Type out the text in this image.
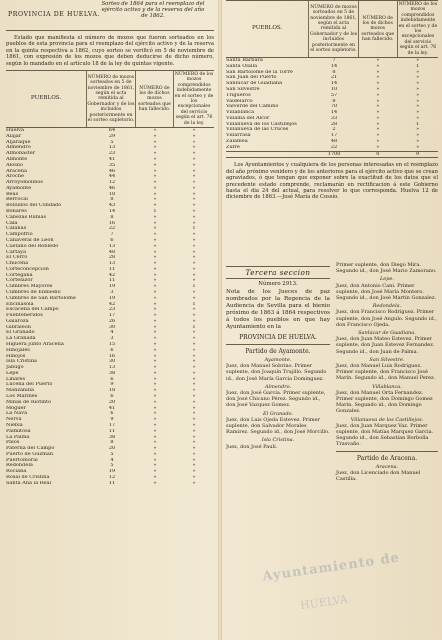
PROVINCIA DE HUELVA.
Sorteo de 1864 para el reemplazo del ejército activo y de la reserva del año de 1862.
Estado que manifiesta el número de mozos que fueron sorteados en los pueblos de esta provincia para el reemplazo del ejército activo y de la reserva en la quinta respectiva a 1862, cuyo sorteo se verificó en 5 de noviembre de 1861, con expresión de los mozos que deben deducirse de dicho número, según lo mandado en el artículo 18 de la ley de quintas vigente.
PUEBLOS.	NÚMERO de mozos sorteados en 5 de noviembre de 1861, según el acta remitida al Gobernador y de los incluidos posteriormente en el sorteo supletorio.	NÚMERO de los de dichos mozos sorteados que han fallecido.	NÚMERO de los mozos comprendidos indebidamente en el sorteo y de los excepcionales del servicio según el art. 76 de la ley.
Huelva	64	»	»
Alajar	29	»	»
Aljaraque	5	»	»
Almendro	13	»	»
Almonaster	23	»	»
Almonte	41	»	»
Alosno	35	»	»
Aracena	46	»	»
Aroche	44	»	»
Arroyomolinos	12	»	»
Ayamonte	46	»	»
Beas	18	»	»
Berrocal	8	»	»
Bollullos del Condado	43	»	»
Bonares	14	1	»
Cabezas Rubias	8	»	»
Cala	16	»	»
Calañas	22	»	1
Campofrio	7	»	»
Cañaveral de Leon	6	»	»
Castaño del Robledo	13	»	»
Cartaya	48	»	»
El Cerro	28	»	»
Chucena	13	»	»
Corteconcepcion	11	»	»
Cortegana	42	»	»
Cortelazor	11	»	»
Cumbres Mayores	19	»	1
Cumbres de Enmedio	3	»	»
Cumbres de San Bartolomé	19	»	»
Encinasola	42	»	1
Escacena del Campo	23	»	»
Fuenteheridos	17	»	»
Galaroza	26	»	»
Gibraleon	30	»	1
El Granado	4	»	»
La Granada	3	»	»
Higuera junto Aracena	15	»	»
Hinojales	6	»	»
Hinojos	16	»	»
Isla Cristina	30	»	»
Jabugo	13	»	»
Lepe	38	»	»
Linares	6	»	»
Lucena del Puerto	9	»	»
Manzanilla	18	»	»
Los Marines	6	»	»
Minas de Riotinto	20	»	»
Moguer	41	»	»
La Nava	6	»	»
Nerva	9	»	»
Niebla	17	»	»
Palmitosa	11	»	»
La Palma	38	»	»
Palos	8	»	»
Paterna del Campo	20	»	»
Puerto de Guzman	5	»	»
Puertomoral	4	»	»
Redondela	5	»	»
Rociana	19	»	»
Rosal de Cristina	12	»	»
Santa Ana la Real	11	»	»
PUEBLOS.	NÚMERO de mozos sorteados en 5 de noviembre de 1861, según el acta remitida al Gobernador y de los incluidos posteriormente en el sorteo supletorio.	NÚMERO de los de dichos mozos sorteados que han fallecido.	NÚMERO de los mozos comprendidos indebidamente en el sorteo y de los excepcionales del servicio según el art. 76 de la ley.
Santa Barbara	7	»	»
Santa Olalla	14	»	1
San Bartolomé de la Torre	8	»	»
San Juan del Puerto	21	»	»
Sanlúcar de Guadiana	14	»	»
San Silvestre	10	»	»
Trigueros	57	»	»
Valdelarco	8	»	»
Valverde del Camino	70	»	»
Villablanca	14	»	»
Villalba del Alcor	33	»	»
Villanueva de los Castillejos	28	»	1
Villanueva de las Cruces	2	»	»
Villarrasa	17	»	»
Zalamea	48	»	»
Zufre	22	»	»
	1700	0	9
Los Ayuntamientos y cualquiera de los personas interesadas en el reemplazo del año próximo venidero y de los anteriores para el ejército activo que se crean agraviados, ó que tengan que exponer sobre la exactitud de los datos que el precedente estado comprende, reclamarán en rectificacion á este Gobierno hasta el dia 24 del actual, para resolver lo que corresponda. Huelva 12 de diciembre de 1863.—José María de Cossío.
Tercera seccion
Número 2913.
Nota de los Jueces de paz nombrados por la Regencia de la Audiencia de Sevilla para el bienio próximo de 1863 á 1864 respectivos á todos los pueblos en que hay Ayuntamiento en la
PROVINCIA DE HUELVA.
Partido de Ayamonte.
Ayamonte.
Juez, don Manuel Sobrino. Primer suplente, don Joaquín Trujillo. Segundo id., don José María Garcia Dominguez.
Almendro.
Juez, don José García. Primer suplente, don José Chicano Pérez. Segundo id., don José Vazquez Gomez.
El Granado.
Juez, don Luis Ojeda Estevez. Primer suplente, don Salvador Morales Ramirez. Segundo id., don José Morcillo.
Isla Cristina.
Juez, don José Pauli.
Primer suplente, don Diego Mira. Segundo id., don José Mario Zamorano.
Lepe.
Juez, don Antonio Cani. Primer suplente, don José María Montero. Segundo id., don José Martín Gonzalez.
Redondela.
Juez, don Francisco Rodriguez. Primer suplente, don José Angulo. Segundo id., don Francisco Ojeda.
Sanlúcar de Guadiana.
Juez, don Juan Mateo Estevez. Primer suplente, don Juan Estevez Fernandez. Segundo id., don Juan de Palma.
San Silvestre.
Juez, don Manuel Luis Rodriguez. Primer suplente, don Francisco José Marín. Segundo id., don Manuel Perez.
Villablanca.
Juez, don Manuel Orta Fernandez. Primer suplente, don Domingo Gomez Marín. Segundo id., don Domingo Gonzalez.
Villanueva de los Castillejos.
Juez, don Juan Marquez Vaz. Primer suplente, don Matías Marquez Garcia. Segundo id., don Sebastian Borbolla Trasvaño.
Partido de Aracena.
Aracena.
Juez, don Licenciado don Manuel Castilla.
Ayuntamiento de
HUELVA
